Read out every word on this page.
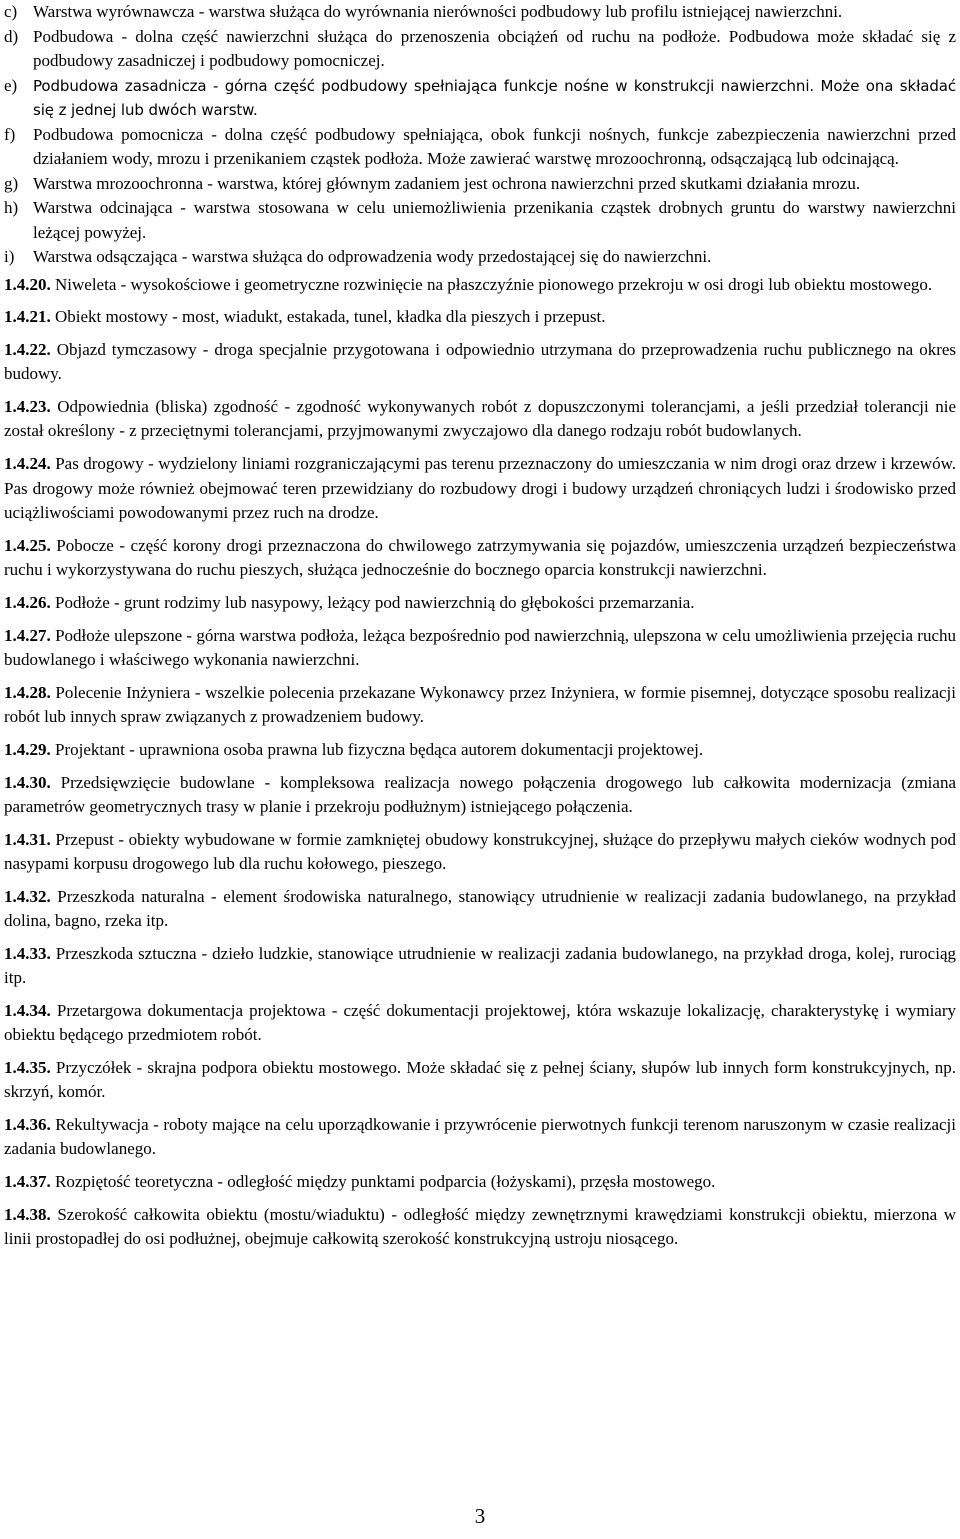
c) Warstwa wyrównawcza - warstwa służąca do wyrównania nierówności podbudowy lub profilu istniejącej nawierzchni.
d) Podbudowa - dolna część nawierzchni służąca do przenoszenia obciążeń od ruchu na podłoże. Podbudowa może składać się z podbudowy zasadniczej i podbudowy pomocniczej.
e)	Podbudowa zasadnicza - górna część podbudowy spełniająca funkcje nośne w konstrukcji nawierzchni. Może ona składać się z jednej lub dwóch warstw.
f)	Podbudowa pomocnicza - dolna część podbudowy spełniająca, obok funkcji nośnych, funkcje zabezpieczenia nawierzchni przed działaniem wody, mrozu i przenikaniem cząstek podłoża. Może zawierać warstwę mrozoochronną, odsączającą lub odcinającą.
g) Warstwa mrozoochronna - warstwa, której głównym zadaniem jest ochrona nawierzchni przed skutkami działania mrozu.
h) Warstwa odcinająca - warstwa stosowana w celu uniemożliwienia przenikania cząstek drobnych gruntu do warstwy nawierzchni leżącej powyżej.
i)	Warstwa odsączająca - warstwa służąca do odprowadzenia wody przedostającej się do nawierzchni.

1.4.20. Niweleta - wysokościowe i geometryczne rozwinięcie na płaszczyźnie pionowego przekroju w osi drogi lub obiektu mostowego.

1.4.21. Obiekt mostowy - most, wiadukt, estakada, tunel, kładka dla pieszych i przepust.

1.4.22. Objazd tymczasowy - droga specjalnie przygotowana i odpowiednio utrzymana do przeprowadzenia ruchu publicznego na okres budowy.

1.4.23. Odpowiednia (bliska) zgodność - zgodność wykonywanych robót z dopuszczonymi tolerancjami, a jeśli przedział tolerancji nie został określony - z przeciętnymi tolerancjami, przyjmowanymi zwyczajowo dla danego rodzaju robót budowlanych.

1.4.24. Pas drogowy - wydzielony liniami rozgraniczającymi pas terenu przeznaczony do umieszczania w nim drogi oraz drzew i krzewów. Pas drogowy może również obejmować teren przewidziany do rozbudowy drogi i budowy urządzeń chroniących ludzi i środowisko przed uciążliwościami powodowanymi przez ruch na drodze.

1.4.25. Pobocze - część korony drogi przeznaczona do chwilowego zatrzymywania się pojazdów, umieszczenia urządzeń bezpieczeństwa ruchu i wykorzystywana do ruchu pieszych, służąca jednocześnie do bocznego oparcia konstrukcji nawierzchni.

1.4.26. Podłoże - grunt rodzimy lub nasypowy, leżący pod nawierzchnią do głębokości przemarzania.

1.4.27. Podłoże ulepszone - górna warstwa podłoża, leżąca bezpośrednio pod nawierzchnią, ulepszona w celu umożliwienia przejęcia ruchu budowlanego i właściwego wykonania nawierzchni.

1.4.28. Polecenie Inżyniera - wszelkie polecenia przekazane Wykonawcy przez Inżyniera, w formie pisemnej, dotyczące sposobu realizacji robót lub innych spraw związanych z prowadzeniem budowy.

1.4.29. Projektant - uprawniona osoba prawna lub fizyczna będąca autorem dokumentacji projektowej.

1.4.30. Przedsięwzięcie budowlane - kompleksowa realizacja nowego połączenia drogowego lub całkowita modernizacja (zmiana parametrów geometrycznych trasy w planie i przekroju podłużnym) istniejącego połączenia.

1.4.31. Przepust - obiekty wybudowane w formie zamkniętej obudowy konstrukcyjnej, służące do przepływu małych cieków wodnych pod nasypami korpusu drogowego lub dla ruchu kołowego, pieszego.

1.4.32. Przeszkoda naturalna - element środowiska naturalnego, stanowiący utrudnienie w realizacji zadania budowlanego, na przykład dolina, bagno, rzeka itp.

1.4.33. Przeszkoda sztuczna - dzieło ludzkie, stanowiące utrudnienie w realizacji zadania budowlanego, na przykład droga, kolej, rurociąg itp.

1.4.34. Przetargowa dokumentacja projektowa - część dokumentacji projektowej, która wskazuje lokalizację, charakterystykę i wymiary obiektu będącego przedmiotem robót.

1.4.35. Przyczółek - skrajna podpora obiektu mostowego. Może składać się z pełnej ściany, słupów lub innych form konstrukcyjnych, np. skrzyń, komór.

1.4.36. Rekultywacja - roboty mające na celu uporządkowanie i przywrócenie pierwotnych funkcji terenom naruszonym w czasie realizacji zadania budowlanego.

1.4.37. Rozpiętość teoretyczna - odległość między punktami podparcia (łożyskami), przęsła mostowego.

1.4.38. Szerokość całkowita obiektu (mostu/wiaduktu) - odległość między zewnętrznymi krawędziami konstrukcji obiektu, mierzona w linii prostopadłej do osi podłużnej, obejmuje całkowitą szerokość konstrukcyjną ustroju niosącego.

3
